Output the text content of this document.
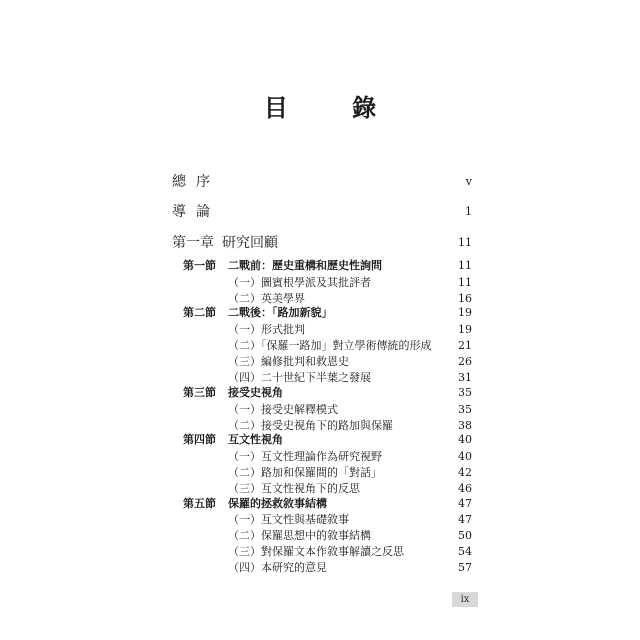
目 錄
總序	v
導論	1
第一章 研究回顧	11
第一節 二戰前：歷史重構和歷史性詢問	11
（一）圖賓根學派及其批評者	11
（二）英美學界	16
第二節 二戰後：「路加新貌」	19
（一）形式批判	19
（二）「保羅一路加」對立學術傳統的形成 21
（三）編修批判和救恩史	26
（四）二十世紀下半葉之發展	31
第三節 接受史視角	35
（一）接受史解釋模式	35
（二）接受史視角下的路加與保羅	38
第四節 互文性視角	40
（一）互文性理論作為研究視野	40
（二）路加和保羅間的「對話」	42
（三）互文性視角下的反思	46
第五節 保羅的拯救敘事結構	47
（一）互文性與基礎敘事	47
（二）保羅思想中的敘事結構	50
（三）對保羅文本作敘事解讀之反思	54
（四）本研究的意見	57
ix
